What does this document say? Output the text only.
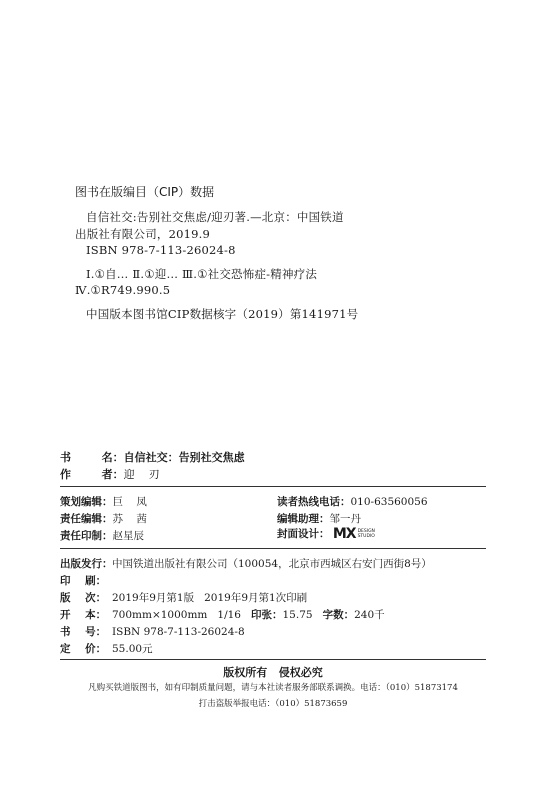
图书在版编目（CIP）数据
自信社交:告别社交焦虑/迎刃著.—北京：中国铁道
出版社有限公司，2019.9
ISBN 978-7-113-26024-8
Ⅰ.①自… Ⅱ.①迎… Ⅲ.①社交恐怖症-精神疗法
Ⅳ.①R749.990.5
中国版本图书馆CIP数据核字（2019）第141971号
书        名：自信社交：告别社交焦虑
作        者：迎    刃
策划编辑：巨    凤
责任编辑：苏    茜
责任印制：赵星辰
读者热线电话：010-63560056
编辑助理：邹一丹
封面设计： MX DESIGN
STUDIO
出版发行：中国铁道出版社有限公司（100054，北京市西城区右安门西街8号）
印    刷：
版    次： 2019年9月第1版   2019年9月第1次印刷
开    本： 700mm×1000mm   1/16   印张：15.75   字数：240千
书    号： ISBN 978-7-113-26024-8
定    价： 55.00元
版权所有   侵权必究
凡购买铁道版图书，如有印制质量问题，请与本社读者服务部联系调换。电话：（010）51873174
打击盗版举报电话：（010）51873659
